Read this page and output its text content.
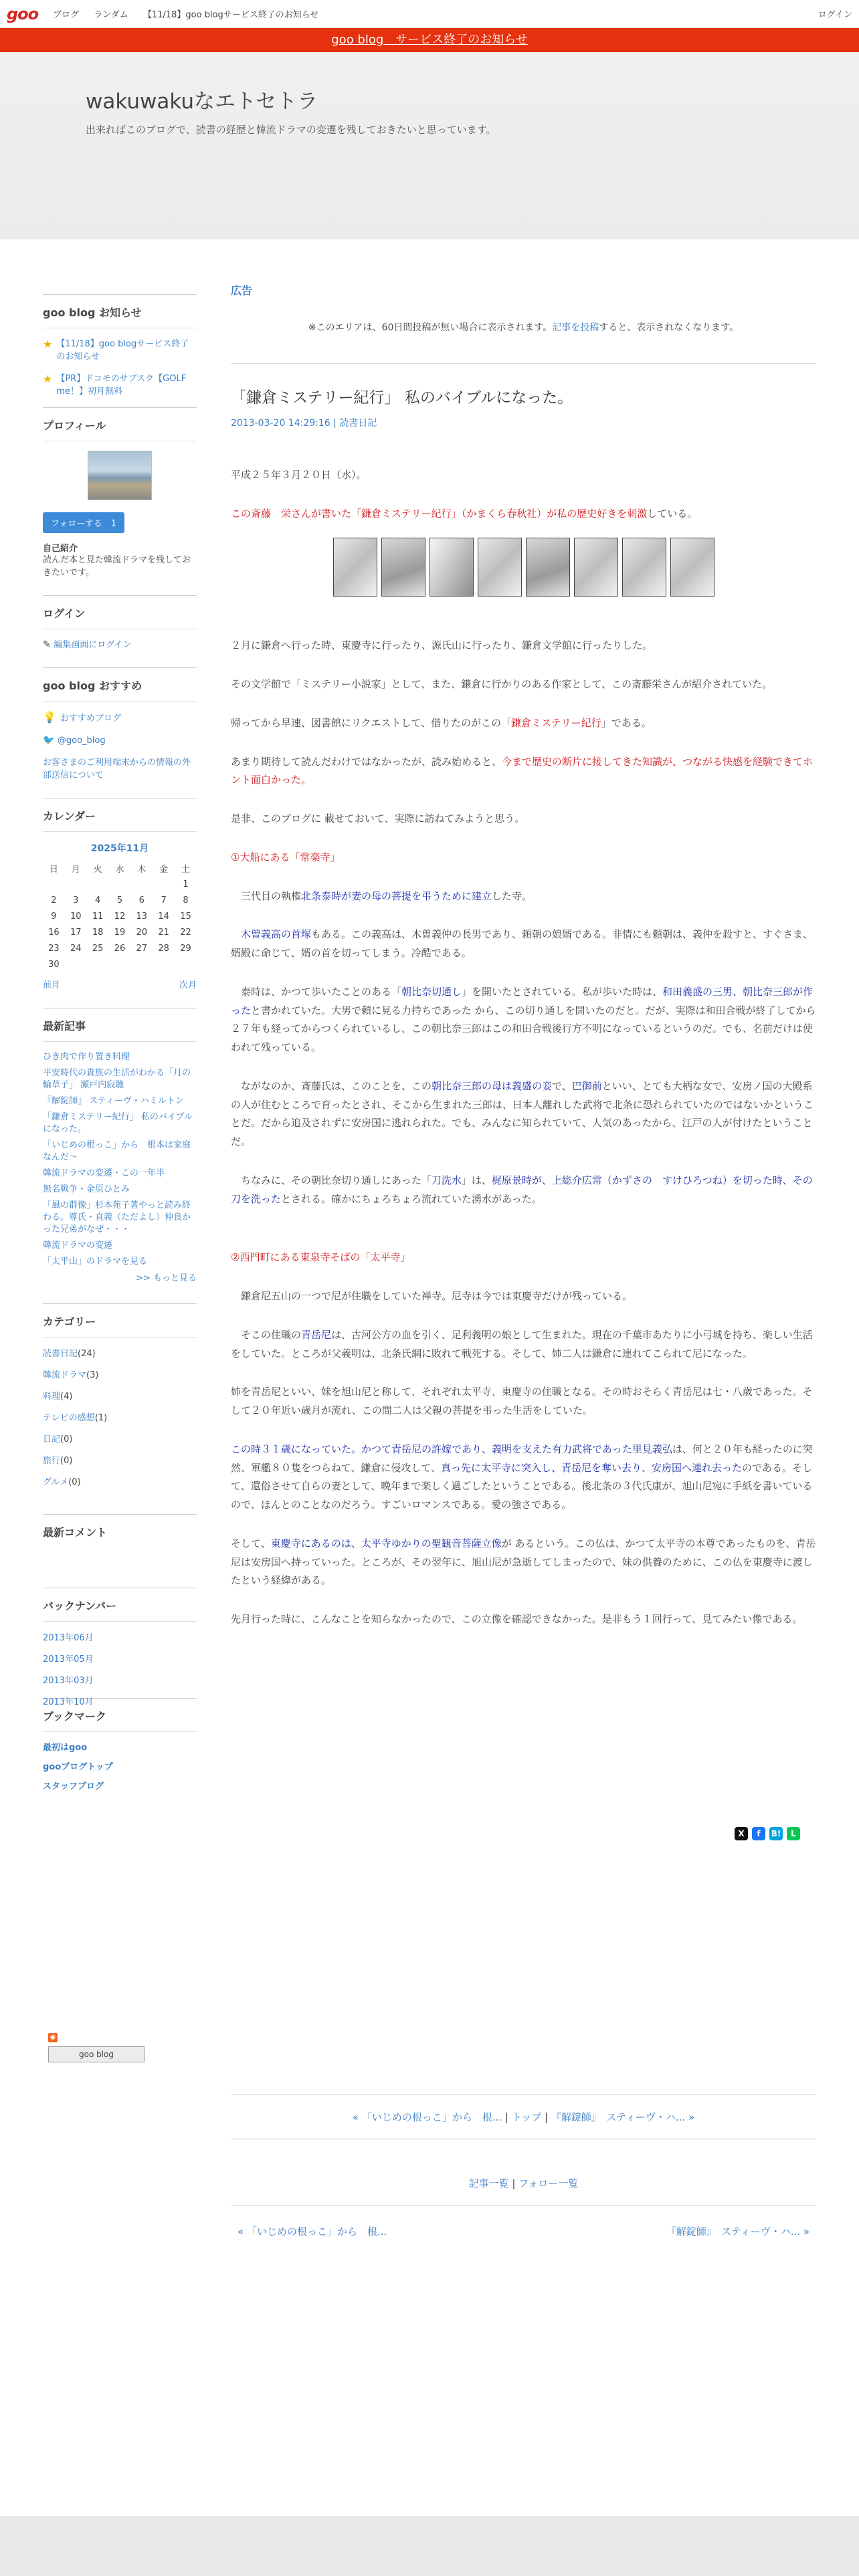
goo ブログ ランダム 【11/18】goo blogサービス終了のお知らせ	ログイン
goo blog　サービス終了のお知らせ
wakuwakuなエトセトラ
出来ればこのブログで、読書の経歴と韓流ドラマの変遷を残しておきたいと思っています。
goo blog お知らせ
★ 【11/18】goo blogサービス終了のお知らせ
★ 【PR】ドコモのサブスク【GOLF me！】初月無料
プロフィール
フォローする　1
自己紹介
読んだ本と見た韓流ドラマを残しておきたいです。
ログイン
✎ 編集画面にログイン
goo blog おすすめ
💡 おすすめブログ
🐦 @goo_blog
お客さまのご利用端末からの情報の外部送信について
カレンダー
2025年11月
日	月	火	水	木	金	土
						1
2	3	4	5	6	7	8
9	10	11	12	13	14	15
16	17	18	19	20	21	22
23	24	25	26	27	28	29
30						
前月	次月
最新記事
ひき肉で作り置き料理
平安時代の貴族の生活がわかる「月の輪草子」 瀬戸内寂聴
『解錠師』 スティーヴ・ハミルトン
「鎌倉ミステリー紀行」 私のバイブルになった。
「いじめの根っこ」から　根本は家庭なんだ〜
韓流ドラマの変遷・この一年半
無名戦争・金原ひとみ
「風の群像」杉本苑子著やっと読み終わる。尊氏・直義（ただよし）仲良かった兄弟がなぜ・・・
韓流ドラマの変遷
「太平山」のドラマを見る
>> もっと見る
カテゴリー
読書日記(24)
韓流ドラマ(3)
料理(4)
テレビの感想(1)
日記(0)
旅行(0)
グルメ(0)
最新コメント
バックナンバー
2013年06月
2013年05月
2013年03月
2013年10月
ブックマーク
最初はgoo
gooブログトップ
スタッフブログ
◉
goo blog
広告
※このエリアは、60日間投稿が無い場合に表示されます。記事を投稿すると、表示されなくなります。
「鎌倉ミステリー紀行」 私のバイブルになった。
2013-03-20 14:29:16 | 読書日記
平成２５年３月２０日（水）。
この斎藤　栄さんが書いた「鎌倉ミステリー紀行」（かまくら春秋社）が私の歴史好きを刺激している。
２月に鎌倉へ行った時、東慶寺に行ったり、源氏山に行ったり、鎌倉文学館に行ったりした。
その文学館で「ミステリー小説家」として、また、鎌倉に行かりのある作家として、この斎藤栄さんが紹介されていた。
帰ってから早速、図書館にリクエストして、借りたのがこの「鎌倉ミステリー紀行」である。
あまり期待して読んだわけではなかったが、読み始めると、今まで歴史の断片に接してきた知識が、つながる快感を経験できてホント面白かった。
是非、このブログに 載せておいて、実際に訪ねてみようと思う。
①大船にある「常楽寺」
　三代目の執権北条泰時が妻の母の菩提を弔うために建立した寺。
　木曽義高の首塚もある。この義高は、木曽義仲の長男であり、頼朝の娘婿である。非情にも頼朝は、義仲を殺すと、すぐさま、婿殿に命じて、婿の首を切ってしまう。冷酷である。
　泰時は、かつて歩いたことのある「朝比奈切通し」を開いたとされている。私が歩いた時は、和田義盛の三男、朝比奈三郎が作ったと書かれていた。大男で頼に見る力持ちであった から、この切り通しを開いたのだと。だが、実際は和田合戦が終了してから２７年も経ってからつくられているし、この朝比奈三郎はこの和田合戦後行方不明になっているというのだ。でも、名前だけは使われて残っている。
　ながなのか、斎藤氏は、このことを、この朝比奈三郎の母は義盛の妾で、巴御前といい、とても大柄な女で、安房ノ国の大殿系の人が住むところで育ったとされ、そこから生まれた三郎は、日本人離れした武将で北条に恐れられていたのではないかということだ。だから追及されずに安房国に逃れられた。でも、みんなに知られていて、人気のあったから、江戸の人が付けたということだ。
　ちなみに、その朝比奈切り通しにあった「刀洗水」は、梶原景時が、上総介広常（かずさの　すけひろつね）を切った時、その刀を洗ったとされる。確かにちょろちょろ流れていた湧水があった。
②西門町にある東泉寺そばの「太平寺」
　鎌倉尼五山の一つで尼が住職をしていた禅寺。尼寺は今では東慶寺だけが残っている。
　そこの住職の青岳尼は、古河公方の血を引く、足利義明の娘として生まれた。現在の千葉市あたりに小弓城を持ち、楽しい生活をしていた。ところが父義明は、北条氏綱に敗れて戦死する。そして、姉二人は鎌倉に連れてこられて尼になった。
姉を青岳尼といい、妹を旭山尼と称して、それぞれ太平寺、東慶寺の住職となる。その時おそらく青岳尼は七・八歳であった。そして２０年近い歳月が流れ、この間二人は父親の菩提を弔った生活をしていた。
この時３１歳になっていた。かつて青岳尼の許嫁であり、義明を支えた有力武将であった里見義弘は、何と２０年も経ったのに突然、軍艦８０隻をつらねて、鎌倉に侵攻して、真っ先に太平寺に突入し、青岳尼を奪い去り、安房国へ連れ去ったのである。そして、還俗させて自らの妻として、晩年まで楽しく過ごしたということである。後北条の３代氏康が、旭山尼宛に手紙を書いているので、ほんとのことなのだろう。すごいロマンスである。愛の強さである。
そして、東慶寺にあるのは、太平寺ゆかりの聖観音菩薩立像が あるという。この仏は、かつて太平寺の本尊であったものを、青岳尼は安房国へ持っていった。ところが、その翌年に、旭山尼が急逝してしまったので、妹の供養のために、この仏を東慶寺に渡したという経緯がある。
先月行った時に、こんなことを知らなかったので、この立像を確認できなかった。是非もう１回行って、見てみたい像である。
X	f	B!	L
« 「いじめの根っこ」から　根... | トップ | 『解錠師』　スティーヴ・ハ... »
記事一覧 | フォロー一覧
« 「いじめの根っこ」から　根...	『解錠師』　スティーヴ・ハ... »
